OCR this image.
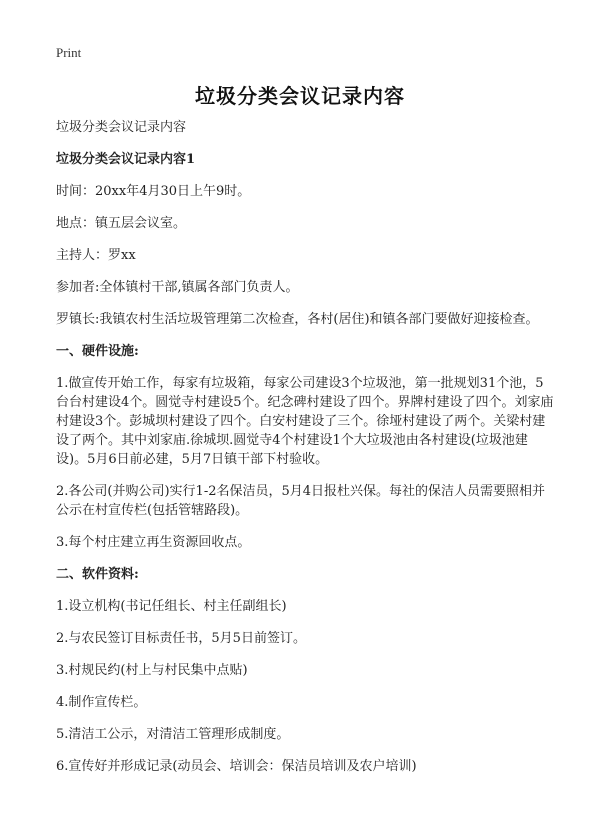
Print
垃圾分类会议记录内容

垃圾分类会议记录内容

垃圾分类会议记录内容1

时间：20xx年4月30日上午9时。

地点：镇五层会议室。

主持人：罗xx

参加者:全体镇村干部,镇属各部门负责人。

罗镇长:我镇农村生活垃圾管理第二次检查，各村(居住)和镇各部门要做好迎接检查。

一、硬件设施:

1.做宣传开始工作，每家有垃圾箱，每家公司建设3个垃圾池，第一批规划31个池，5台台村建设4个。圆觉寺村建设5个。纪念碑村建设了四个。界牌村建设了四个。刘家庙村建设3个。彭城坝村建设了四个。白安村建设了三个。徐垭村建设了两个。关梁村建设了两个。其中刘家庙.徐城坝.圆觉寺4个村建设1个大垃圾池由各村建设(垃圾池建设)。5月6日前必建，5月7日镇干部下村验收。

2.各公司(并购公司)实行1-2名保洁员，5月4日报杜兴保。每社的保洁人员需要照相并公示在村宣传栏(包括管辖路段)。

3.每个村庄建立再生资源回收点。

二、软件资料:

1.设立机构(书记任组长、村主任副组长)

2.与农民签订目标责任书，5月5日前签订。

3.村规民约(村上与村民集中点贴)

4.制作宣传栏。

5.清洁工公示，对清洁工管理形成制度。

6.宣传好并形成记录(动员会、培训会：保洁员培训及农户培训)
